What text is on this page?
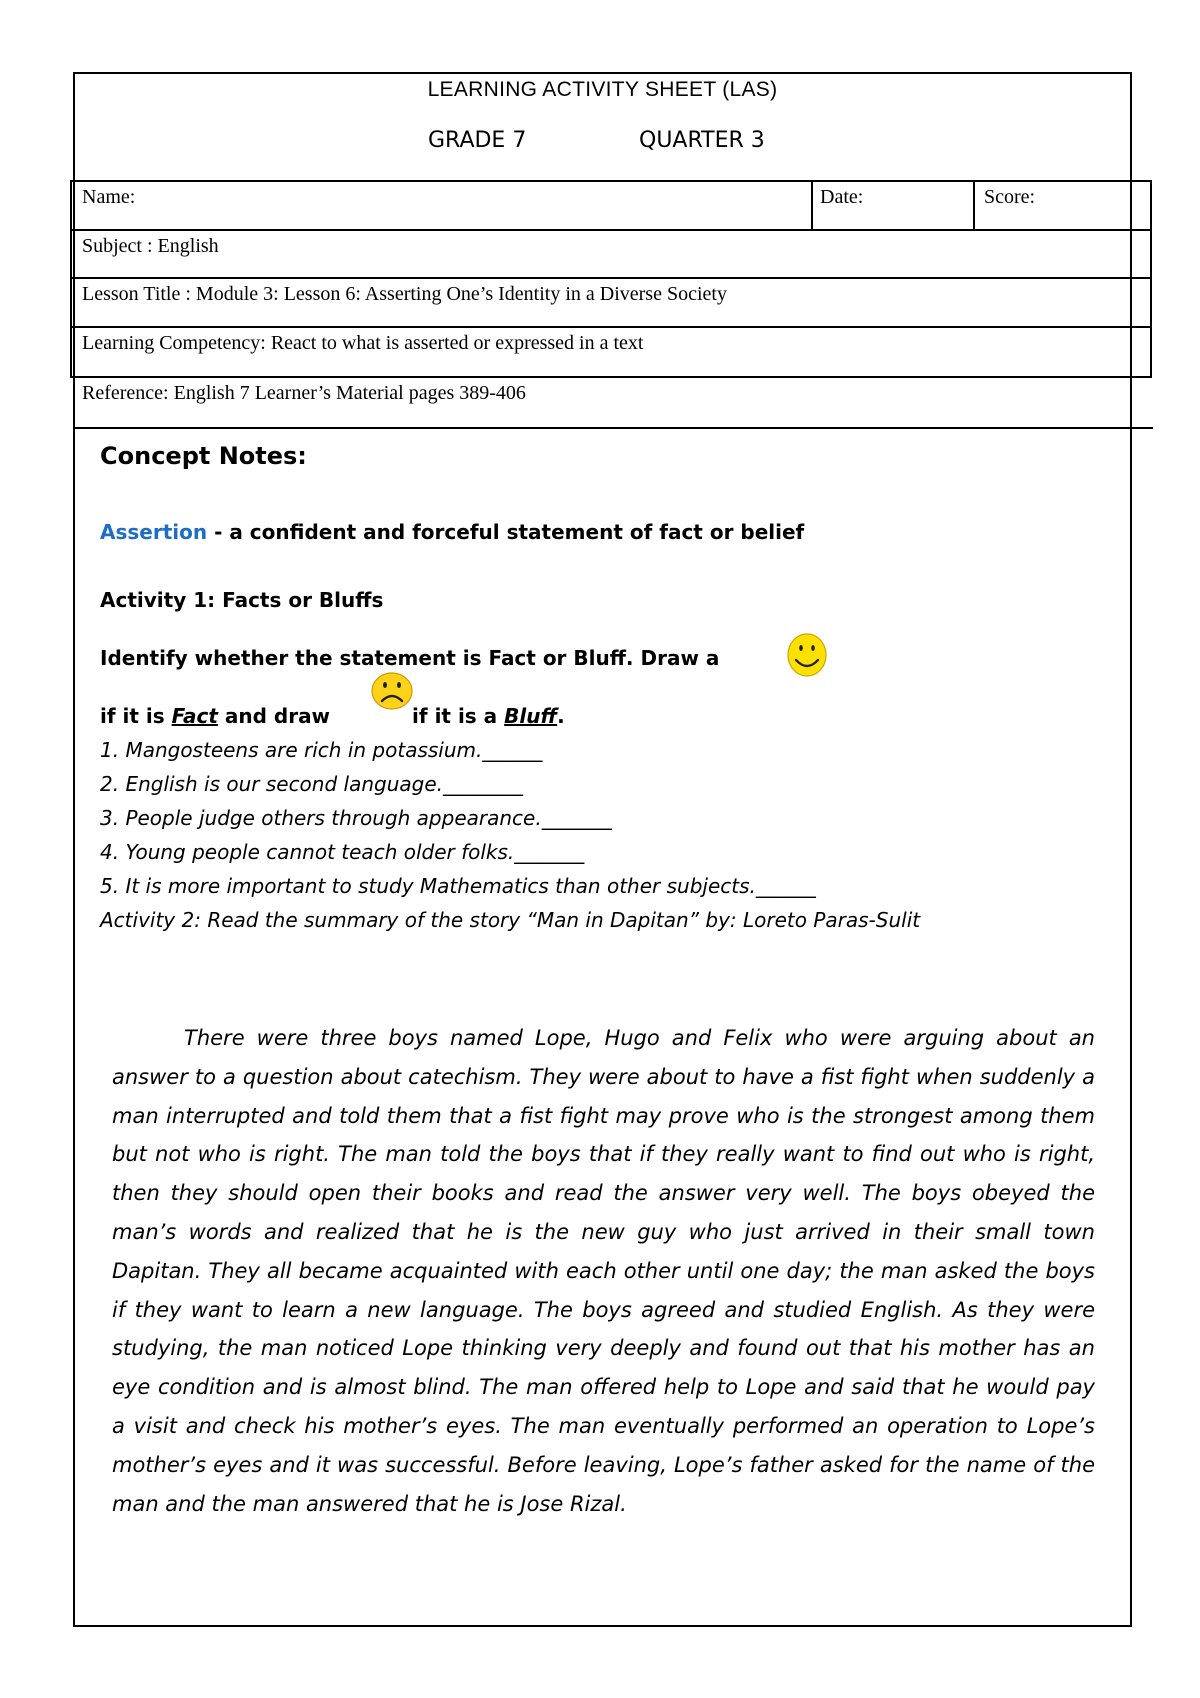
LEARNING ACTIVITY SHEET (LAS)
GRADE 7	QUARTER 3
Name:	Date:	Score:
Subject : English
Lesson Title : Module 3: Lesson 6: Asserting One’s Identity in a Diverse Society
Learning Competency: React to what is asserted or expressed in a text
Reference: English 7 Learner’s Material pages 389-406
Concept Notes:
Assertion - a confident and forceful statement of fact or belief
Activity 1: Facts or Bluffs
Identify whether the statement is Fact or Bluff. Draw a
if it is Fact and draw	if it is a Bluff.
1. Mangosteens are rich in potassium.______
2. English is our second language.________
3. People judge others through appearance._______
4. Young people cannot teach older folks._______
5. It is more important to study Mathematics than other subjects.______
Activity 2: Read the summary of the story “Man in Dapitan” by: Loreto Paras-Sulit
There were three boys named Lope, Hugo and Felix who were arguing about an answer to a question about catechism. They were about to have a fist fight when suddenly a man interrupted and told them that a fist fight may prove who is the strongest among them but not who is right. The man told the boys that if they really want to find out who is right, then they should open their books and read the answer very well. The boys obeyed the man’s words and realized that he is the new guy who just arrived in their small town Dapitan. They all became acquainted with each other until one day; the man asked the boys if they want to learn a new language. The boys agreed and studied English. As they were studying, the man noticed Lope thinking very deeply and found out that his mother has an eye condition and is almost blind. The man offered help to Lope and said that he would pay a visit and check his mother’s eyes. The man eventually performed an operation to Lope’s mother’s eyes and it was successful. Before leaving, Lope’s father asked for the name of the man and the man answered that he is Jose Rizal.
